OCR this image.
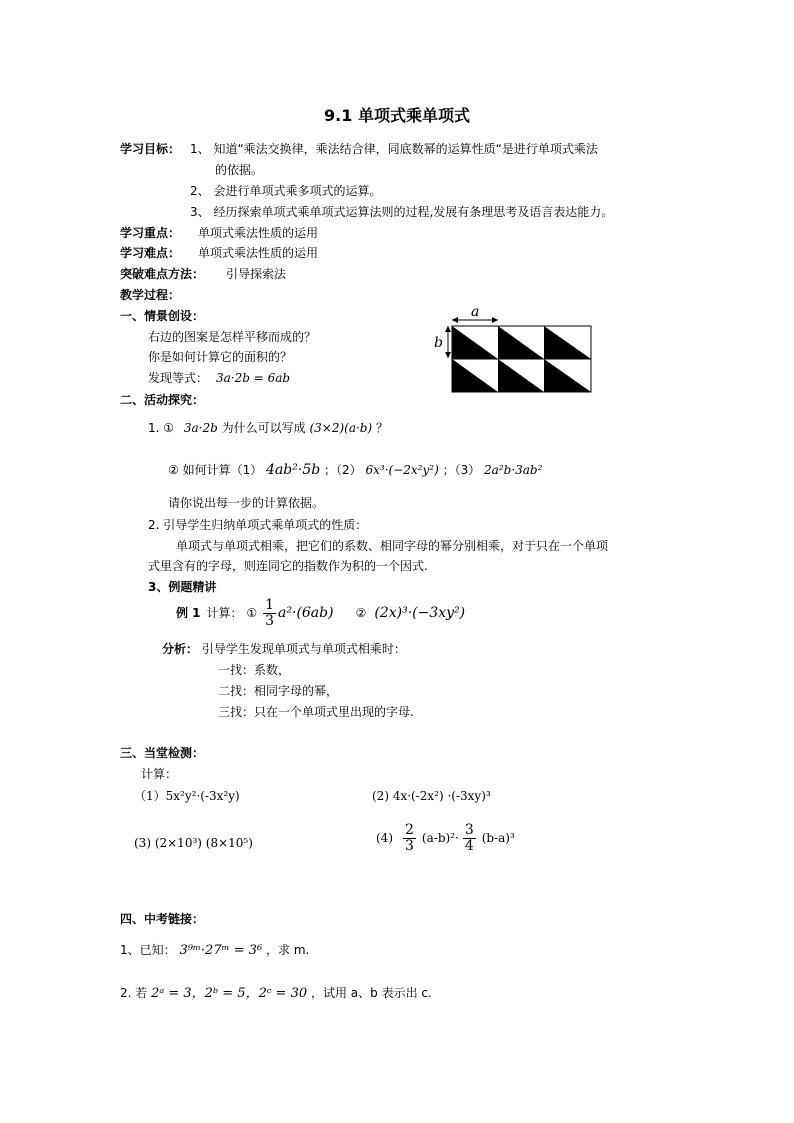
9.1 单项式乘单项式
学习目标： 1、 知道“乘法交换律，乘法结合律，同底数幂的运算性质“是进行单项式乘法
的依据。
2、 会进行单项式乘多项式的运算。
3、 经历探索单项式乘单项式运算法则的过程,发展有条理思考及语言表达能力。
学习重点： 单项式乘法性质的运用
学习难点： 单项式乘法性质的运用
突破难点方法： 引导探索法
教学过程：
一、情景创设：
右边的图案是怎样平移而成的？
你是如何计算它的面积的？
发现等式： 3a·2b = 6ab
a
b
二、活动探究：
1. ① 3a·2b 为什么可以写成 (3×2)(a·b) ？
② 如何计算（1） 4ab²·5b ；（2） 6x³·(−2x²y²) ；（3） 2a²b·3ab²
请你说出每一步的计算依据。
2. 引导学生归纳单项式乘单项式的性质：
单项式与单项式相乘，把它们的系数、相同字母的幂分别相乘，对于只在一个单项
式里含有的字母，则连同它的指数作为积的一个因式.
3、例题精讲
例 1 计算： ① $\frac{1}{3} a^2\cdot(6ab)$ ② (2x)³·(−3xy²)
分析： 引导学生发现单项式与单项式相乘时：
一找：系数，
二找：相同字母的幂，
三找：只在一个单项式里出现的字母.
三、当堂检测：
计算：
（1）5x²y²·(-3x²y)	(2) 4x·(-2x²) ·(-3xy)³
(3) (2×10³) (8×10⁵)	$(4) \frac{2}{3} (a-b)^2\cdot \frac{3}{4} (b-a)^3$
四、中考链接：
1、已知： 3⁹ᵐ·27ᵐ = 3⁶ ，求 m.
2. 若 2ᵃ = 3，2ᵇ = 5，2ᶜ = 30 ，试用 a、b 表示出 c.
